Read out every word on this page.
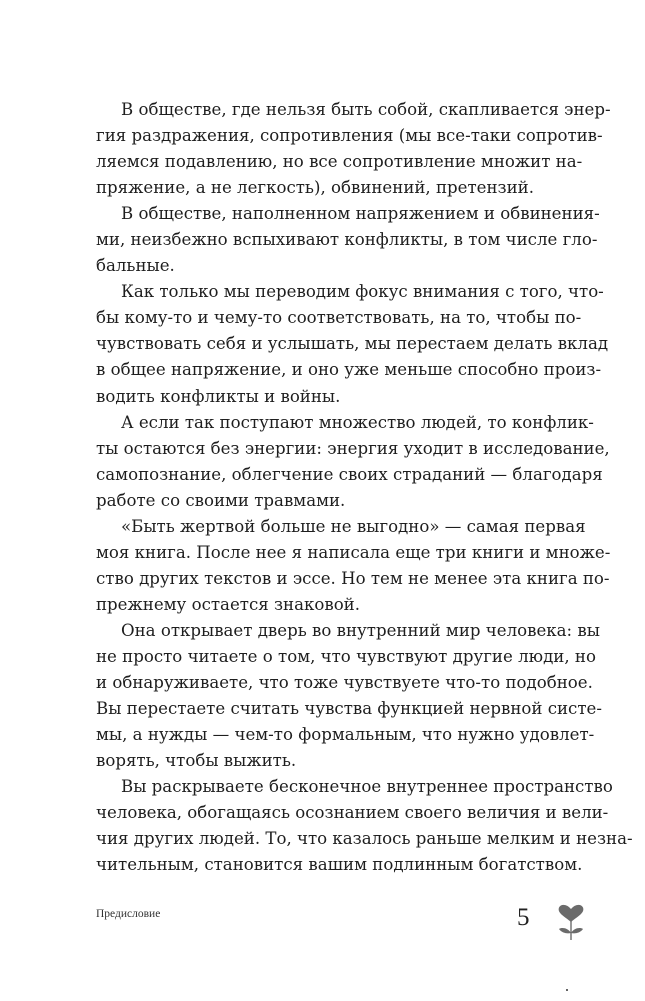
В обществе, где нельзя быть собой, скапливается энер-
гия раздражения, сопротивления (мы все-таки сопротив-
ляемся подавлению, но все сопротивление множит на-
пряжение, а не легкость), обвинений, претензий.
В обществе, наполненном напряжением и обвинения-
ми, неизбежно вспыхивают конфликты, в том числе гло-
бальные.
Как только мы переводим фокус внимания с того, что-
бы кому-то и чему-то соответствовать, на то, чтобы по-
чувствовать себя и услышать, мы перестаем делать вклад
в общее напряжение, и оно уже меньше способно произ-
водить конфликты и войны.
А если так поступают множество людей, то конфлик-
ты остаются без энергии: энергия уходит в исследование,
самопознание, облегчение своих страданий — благодаря
работе со своими травмами.
«Быть жертвой больше не выгодно» — самая первая
моя книга. После нее я написала еще три книги и множе-
ство других текстов и эссе. Но тем не менее эта книга по-
прежнему остается знаковой.
Она открывает дверь во внутренний мир человека: вы
не просто читаете о том, что чувствуют другие люди, но
и обнаруживаете, что тоже чувствуете что-то подобное.
Вы перестаете считать чувства функцией нервной систе-
мы, а нужды — чем-то формальным, что нужно удовлет-
ворять, чтобы выжить.
Вы раскрываете бесконечное внутреннее пространство
человека, обогащаясь осознанием своего величия и вели-
чия других людей. То, что казалось раньше мелким и незна-
чительным, становится вашим подлинным богатством.
Предисловие	5
